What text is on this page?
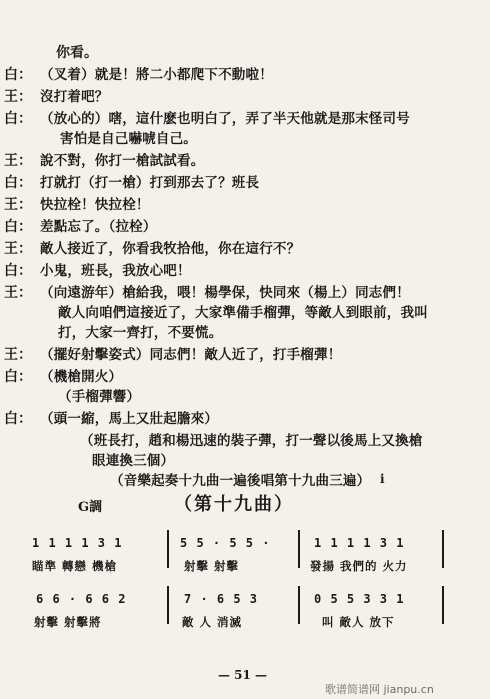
你看。
白： （叉着）就是！將二小都爬下不動啦！
王： 沒打着吧？
白： （放心的）嗐，這什麽也明白了，弄了半天他就是那末怪司号
害怕是自己嚇唬自己。
王： 說不對，你打一槍試試看。
白： 打就打（打一槍）打到那去了？班長
王： 快拉栓！快拉栓！
白： 差點忘了。（拉栓）
王： 敵人接近了，你看我牧拾他，你在這行不？
白： 小鬼，班長，我放心吧！
王： （向遠游年）槍給我，喂！楊學保，快同來（楊上）同志們！
敵人向咱們這接近了，大家準備手榴彈，等敵人到眼前，我叫
打，大家一齊打，不要慌。
王： （擺好射擊姿式）同志們！敵人近了，打手榴彈！
白： （機槍開火）
（手榴彈響）
白： （頭一縮，馬上又壯起膽來）
（班長打，趙和楊迅速的裝子彈，打一聲以後馬上又換槍
眼連換三個）
（音樂起奏十九曲一遍後唱第十九曲三遍） i
G調	（第十九曲）
1 1 1 1 3 1
瞄準 轉戀 機槍
5 5 · 5 5 ·
射擊 射擊
1 1 1 1 3 1
發揚 我們的 火力
6 6 · 6 6 2
射擊 射擊將
7 · 6 5 3
敵 人 消滅
0 5 5 3 3 1
叫 敵人 放下
— 51 —
歌谱简谱网 jianpu.cn
